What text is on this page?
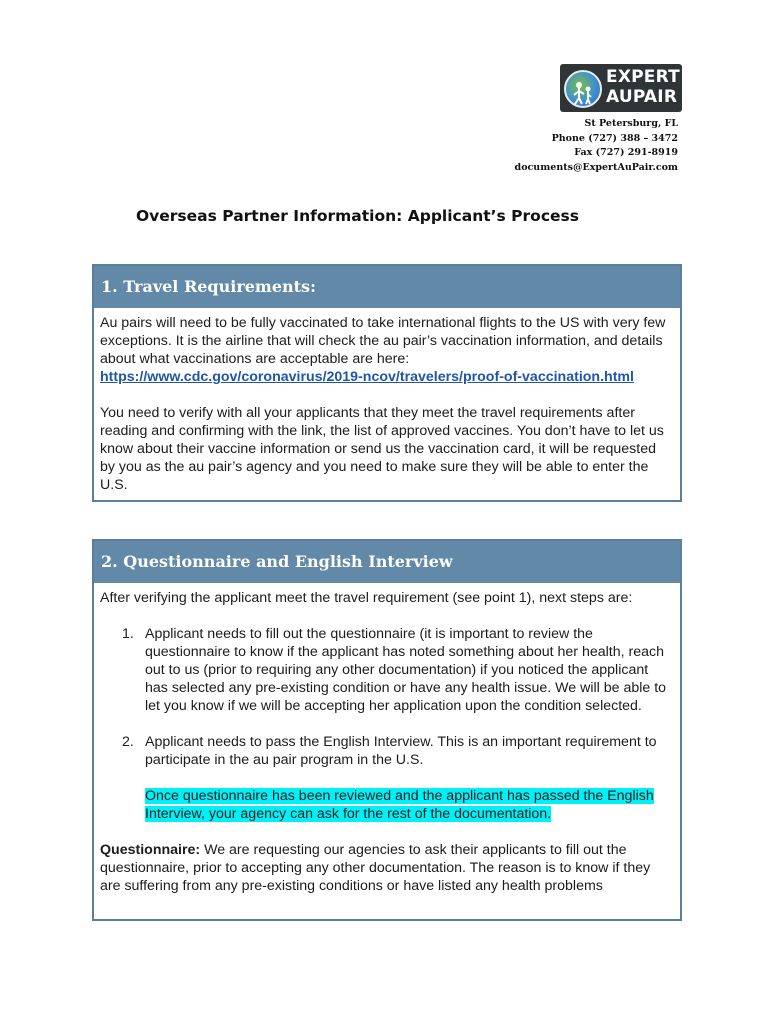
EXPERT
AUPAIR
St Petersburg, FL
Phone (727) 388 – 3472
Fax (727) 291-8919
documents@ExpertAuPair.com
Overseas Partner Information: Applicant’s Process
1. Travel Requirements:

Au pairs will need to be fully vaccinated to take international flights to the US with very few exceptions. It is the airline that will check the au pair’s vaccination information, and details about what vaccinations are acceptable are here: https://www.cdc.gov/coronavirus/2019-ncov/travelers/proof-of-vaccination.html

You need to verify with all your applicants that they meet the travel requirements after reading and confirming with the link, the list of approved vaccines. You don’t have to let us know about their vaccine information or send us the vaccination card, it will be requested by you as the au pair’s agency and you need to make sure they will be able to enter the U.S.

2. Questionnaire and English Interview

After verifying the applicant meet the travel requirement (see point 1), next steps are:

1. Applicant needs to fill out the questionnaire (it is important to review the questionnaire to know if the applicant has noted something about her health, reach out to us (prior to requiring any other documentation) if you noticed the applicant has selected any pre-existing condition or have any health issue. We will be able to let you know if we will be accepting her application upon the condition selected.
2. Applicant needs to pass the English Interview. This is an important requirement to participate in the au pair program in the U.S.
Once questionnaire has been reviewed and the applicant has passed the English Interview, your agency can ask for the rest of the documentation.

Questionnaire: We are requesting our agencies to ask their applicants to fill out the questionnaire, prior to accepting any other documentation. The reason is to know if they are suffering from any pre-existing conditions or have listed any health problems
